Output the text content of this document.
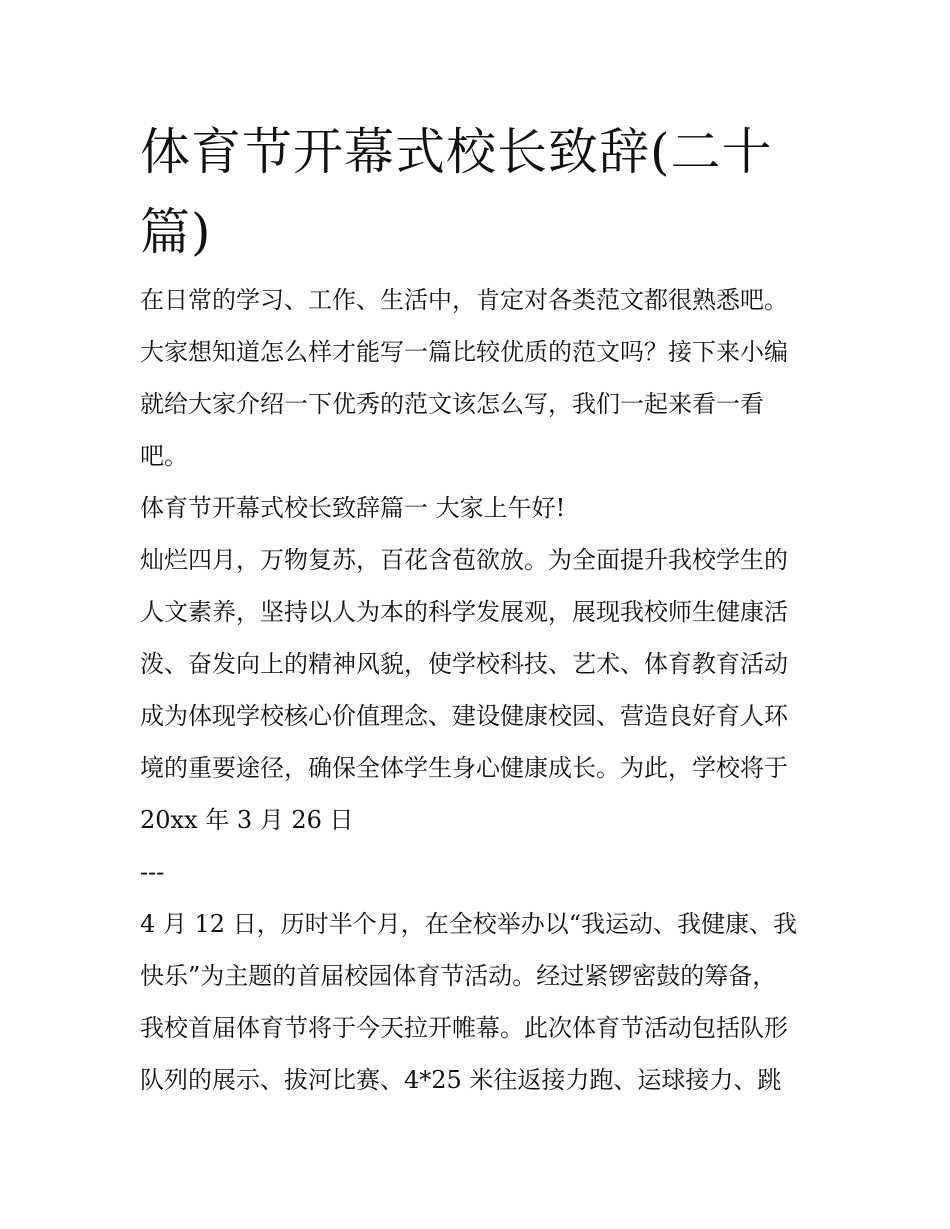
体育节开幕式校长致辞(二十
篇)
在日常的学习、工作、生活中，肯定对各类范文都很熟悉吧。
大家想知道怎么样才能写一篇比较优质的范文吗？接下来小编
就给大家介绍一下优秀的范文该怎么写，我们一起来看一看
吧。
体育节开幕式校长致辞篇一 大家上午好!
灿烂四月，万物复苏，百花含苞欲放。为全面提升我校学生的
人文素养，坚持以人为本的科学发展观，展现我校师生健康活
泼、奋发向上的精神风貌，使学校科技、艺术、体育教育活动
成为体现学校核心价值理念、建设健康校园、营造良好育人环
境的重要途径，确保全体学生身心健康成长。为此，学校将于
20xx 年 3 月 26 日
---
4 月 12 日，历时半个月，在全校举办以“我运动、我健康、我
快乐”为主题的首届校园体育节活动。经过紧锣密鼓的筹备，
我校首届体育节将于今天拉开帷幕。此次体育节活动包括队形
队列的展示、拔河比赛、4*25 米往返接力跑、运球接力、跳
